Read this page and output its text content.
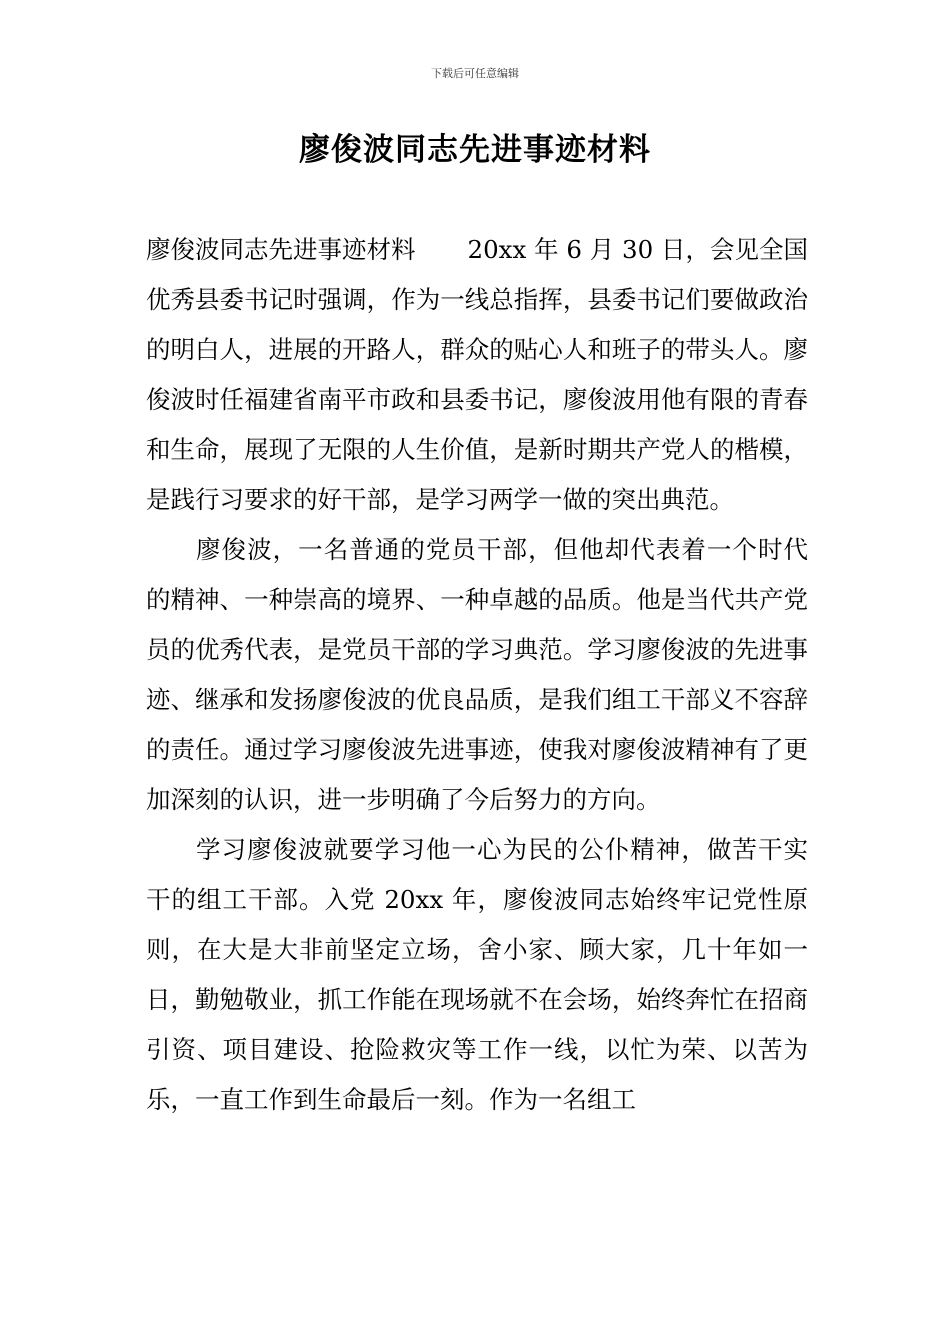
下载后可任意编辑
廖俊波同志先进事迹材料

廖俊波同志先进事迹材料 20xx 年 6 月 30 日，会见全国优秀县委书记时强调，作为一线总指挥，县委书记们要做政治的明白人，进展的开路人，群众的贴心人和班子的带头人。廖俊波时任福建省南平市政和县委书记，廖俊波用他有限的青春和生命，展现了无限的人生价值，是新时期共产党人的楷模，是践行习要求的好干部，是学习两学一做的突出典范。

廖俊波，一名普通的党员干部，但他却代表着一个时代的精神、一种崇高的境界、一种卓越的品质。他是当代共产党员的优秀代表，是党员干部的学习典范。学习廖俊波的先进事迹、继承和发扬廖俊波的优良品质，是我们组工干部义不容辞的责任。通过学习廖俊波先进事迹，使我对廖俊波精神有了更加深刻的认识，进一步明确了今后努力的方向。

学习廖俊波就要学习他一心为民的公仆精神，做苦干实干的组工干部。入党 20xx 年，廖俊波同志始终牢记党性原则，在大是大非前坚定立场，舍小家、顾大家，几十年如一日，勤勉敬业，抓工作能在现场就不在会场，始终奔忙在招商引资、项目建设、抢险救灾等工作一线，以忙为荣、以苦为乐，一直工作到生命最后一刻。作为一名组工
